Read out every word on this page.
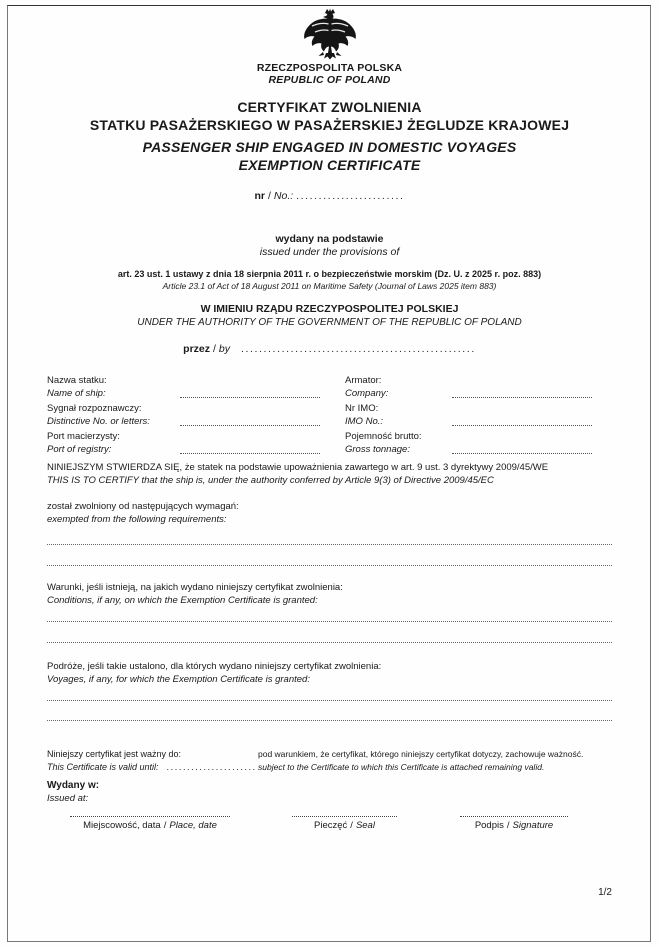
RZECZPOSPOLITA POLSKA
REPUBLIC OF POLAND
CERTYFIKAT ZWOLNIENIA
STATKU PASAŻERSKIEGO W PASAŻERSKIEJ ŻEGLUDZE KRAJOWEJ
PASSENGER SHIP ENGAGED IN DOMESTIC VOYAGES
EXEMPTION CERTIFICATE
nr / No.: ........................
wydany na podstawie
issued under the provisions of
art. 23 ust. 1 ustawy z dnia 18 sierpnia 2011 r. o bezpieczeństwie morskim (Dz. U. z 2025 r. poz. 883)
Article 23.1 of Act of 18 August 2011 on Maritime Safety (Journal of Laws 2025 item 883)
W IMIENIU RZĄDU RZECZYPOSPOLITEJ POLSKIEJ
UNDER THE AUTHORITY OF THE GOVERNMENT OF THE REPUBLIC OF POLAND
przez / by ....................................................
Nazwa statku:
Name of ship:
Sygnał rozpoznawczy:
Distinctive No. or letters:
Port macierzysty:
Port of registry:
Armator:
Company:
Nr IMO:
IMO No.:
Pojemność brutto:
Gross tonnage:
NINIEJSZYM STWIERDZA SIĘ, że statek na podstawie upoważnienia zawartego w art. 9 ust. 3 dyrektywy 2009/45/WE
THIS IS TO CERTIFY that the ship is, under the authority conferred by Article 9(3) of Directive 2009/45/EC
został zwolniony od następujących wymagań:
exempted from the following requirements:
Warunki, jeśli istnieją, na jakich wydano niniejszy certyfikat zwolnienia:
Conditions, if any, on which the Exemption Certificate is granted:
Podróże, jeśli takie ustalono, dla których wydano niniejszy certyfikat zwolnienia:
Voyages, if any, for which the Exemption Certificate is granted:
Niniejszy certyfikat jest ważny do:
This Certificate is valid until: ......................
pod warunkiem, że certyfikat, którego niniejszy certyfikat dotyczy, zachowuje ważność.
subject to the Certificate to which this Certificate is attached remaining valid.
Wydany w:
Issued at:
Miejscowość, data / Place, date	Pieczęć / Seal	Podpis / Signature
1/2
